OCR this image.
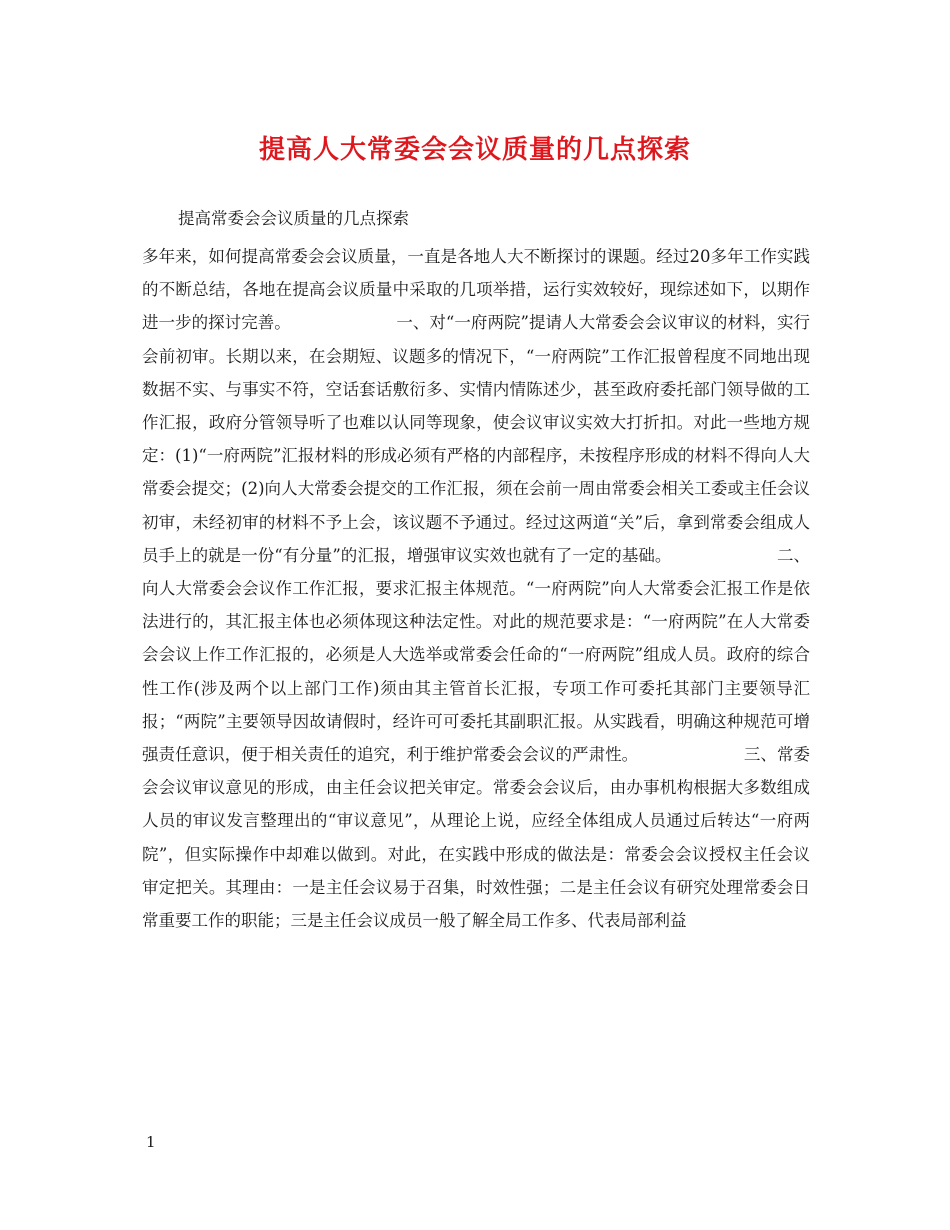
提高人大常委会会议质量的几点探索
提高常委会会议质量的几点探索
多年来，如何提高常委会会议质量，一直是各地人大不断探讨的课题。经过20多年工作实践的不断总结，各地在提高会议质量中采取的几项举措，运行实效较好，现综述如下，以期作进一步的探讨完善。                    一、对“一府两院”提请人大常委会会议审议的材料，实行会前初审。长期以来，在会期短、议题多的情况下，“一府两院”工作汇报曾程度不同地出现数据不实、与事实不符，空话套话敷衍多、实情内情陈述少，甚至政府委托部门领导做的工作汇报，政府分管领导听了也难以认同等现象，使会议审议实效大打折扣。对此一些地方规定：(1)“一府两院”汇报材料的形成必须有严格的内部程序，未按程序形成的材料不得向人大常委会提交；(2)向人大常委会提交的工作汇报，须在会前一周由常委会相关工委或主任会议初审，未经初审的材料不予上会，该议题不予通过。经过这两道“关”后，拿到常委会组成人员手上的就是一份“有分量”的汇报，增强审议实效也就有了一定的基础。                    二、向人大常委会会议作工作汇报，要求汇报主体规范。“一府两院”向人大常委会汇报工作是依法进行的，其汇报主体也必须体现这种法定性。对此的规范要求是：“一府两院”在人大常委会会议上作工作汇报的，必须是人大选举或常委会任命的“一府两院”组成人员。政府的综合性工作(涉及两个以上部门工作)须由其主管首长汇报，专项工作可委托其部门主要领导汇报；“两院”主要领导因故请假时，经许可可委托其副职汇报。从实践看，明确这种规范可增强责任意识，便于相关责任的追究，利于维护常委会会议的严肃性。                    三、常委会会议审议意见的形成，由主任会议把关审定。常委会会议后，由办事机构根据大多数组成人员的审议发言整理出的“审议意见”，从理论上说，应经全体组成人员通过后转达“一府两院”，但实际操作中却难以做到。对此，在实践中形成的做法是：常委会会议授权主任会议审定把关。其理由：一是主任会议易于召集，时效性强；二是主任会议有研究处理常委会日常重要工作的职能；三是主任会议成员一般了解全局工作多、代表局部利益
1
